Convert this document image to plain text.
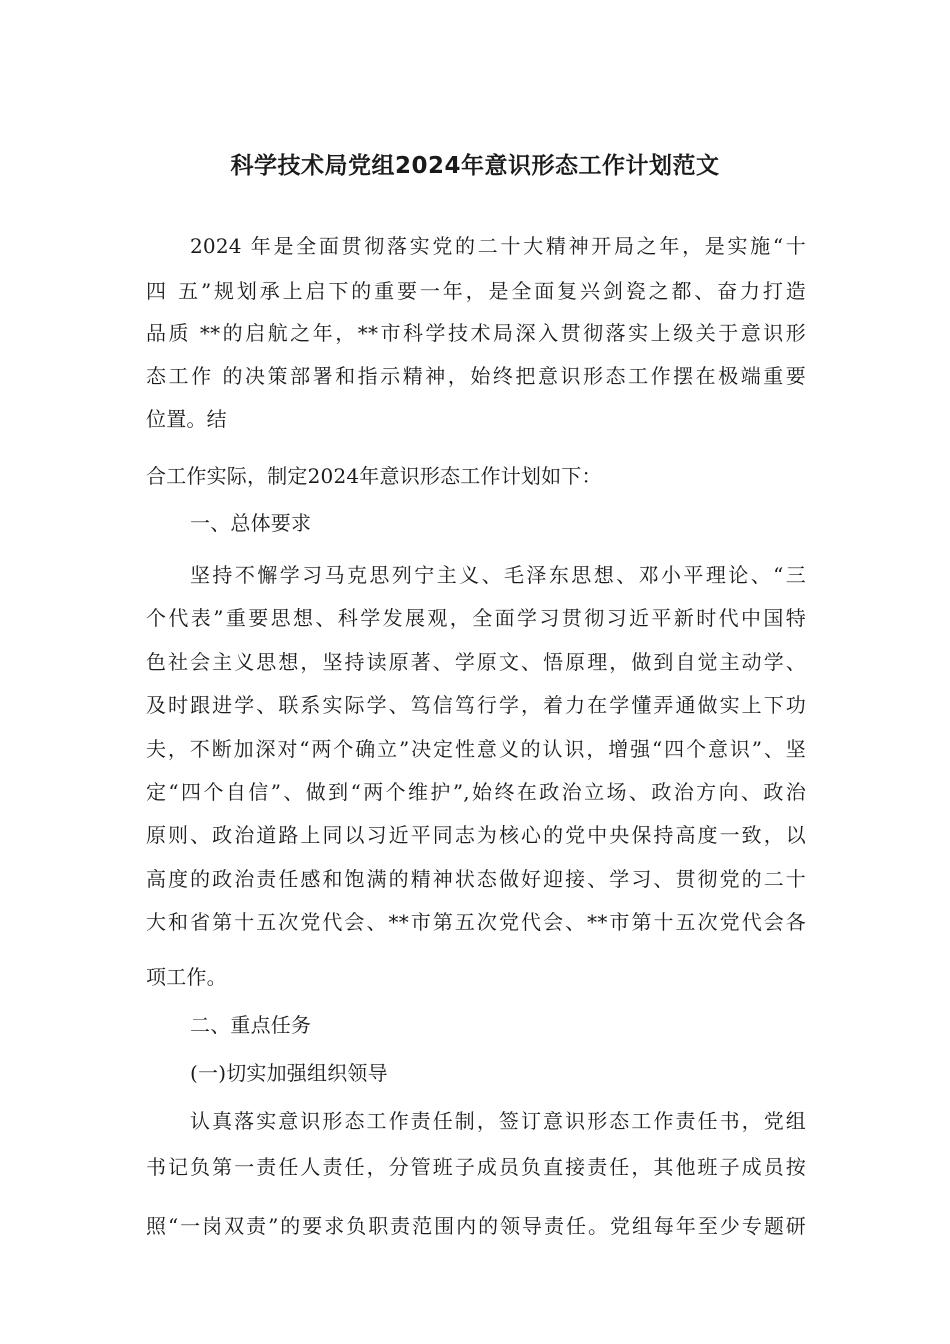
科学技术局党组2024年意识形态工作计划范文
2024 年是全面贯彻落实党的二十大精神开局之年，是实施“十
四 五”规划承上启下的重要一年，是全面复兴剑瓷之都、奋力打造
品质 **的启航之年，**市科学技术局深入贯彻落实上级关于意识形
态工作 的决策部署和指示精神，始终把意识形态工作摆在极端重要
位置。结
合工作实际，制定2024年意识形态工作计划如下：
一、总体要求
坚持不懈学习马克思列宁主义、毛泽东思想、邓小平理论、“三
个代表”重要思想、科学发展观，全面学习贯彻习近平新时代中国特
色社会主义思想，坚持读原著、学原文、悟原理，做到自觉主动学、
及时跟进学、联系实际学、笃信笃行学，着力在学懂弄通做实上下功
夫，不断加深对“两个确立”决定性意义的认识，增强“四个意识”、坚
定“四个自信”、做到“两个维护”,始终在政治立场、政治方向、政治
原则、政治道路上同以习近平同志为核心的党中央保持高度一致，以
高度的政治责任感和饱满的精神状态做好迎接、学习、贯彻党的二十
大和省第十五次党代会、**市第五次党代会、**市第十五次党代会各
项工作。
二、重点任务
(一)切实加强组织领导
认真落实意识形态工作责任制，签订意识形态工作责任书，党组
书记负第一责任人责任，分管班子成员负直接责任，其他班子成员按
照“一岗双责”的要求负职责范围内的领导责任。党组每年至少专题研
